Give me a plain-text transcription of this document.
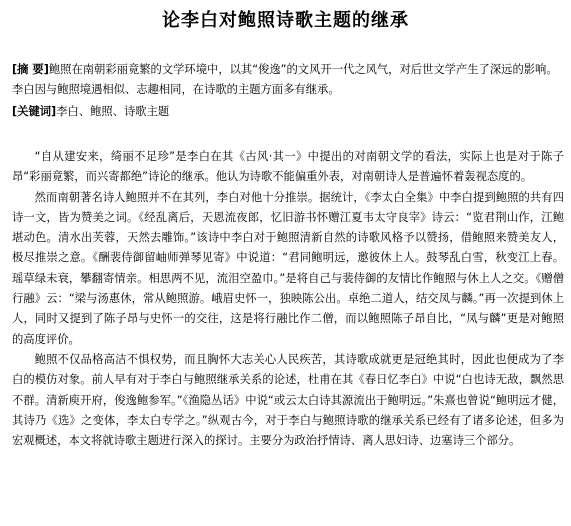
论李白对鲍照诗歌主题的继承
[摘 要]鲍照在南朝彩丽竟繁的文学环境中，以其“俊逸”的文风开一代之风气，对后世文学产生了深远的影响。李白因与鲍照境遇相似、志趣相同，在诗歌的主题方面多有继承。
[关键词]李白、鲍照、诗歌主题

“自从建安来，绮丽不足珍”是李白在其《古风·其一》中提出的对南朝文学的看法，实际上也是对于陈子昂“彩丽竟繁，而兴寄都绝”诗论的继承。他认为诗歌不能偏重外表，对南朝诗人是普遍怀着轰视态度的。

然而南朝著名诗人鲍照并不在其列，李白对他十分推崇。据统计，《李太白全集》中李白提到鲍照的共有四诗一文，皆为赞美之词。《经乱离后，天恩流夜郎，忆旧游书怀赠江夏韦太守良宰》诗云：“览君荆山作，江鲍堪动色。清水出芙蓉，天然去雕饰。”该诗中李白对于鲍照清新自然的诗歌风格予以赞扬，借鲍照来赞美友人，极尽推崇之意。《酬裴侍御留岫师弹琴见寄》中说道：“君同鲍明远，邀彼休上人。鼓琴乱白雪，秋变江上春。瑶草绿未衰，攀翻寄情亲。相思两不见，流泪空盈巾。”是将自己与裴侍御的友情比作鲍照与休上人之交。《赠僧行融》云：“梁与汤惠休，常从鲍照游。峨眉史怀一，独映陈公出。卓绝二道人，结交凤与麟。”再一次提到休上人，同时又提到了陈子昂与史怀一的交往，这是将行融比作二僧，而以鲍照陈子昂自比，“凤与麟”更是对鲍照的高度评价。

鲍照不仅品格高洁不惧权势，而且胸怀大志关心人民疾苦，其诗歌成就更是冠绝其时，因此也便成为了李白的模仿对象。前人早有对于李白与鲍照继承关系的论述，杜甫在其《春日忆李白》中说“白也诗无敌，飘然思不群。清新庾开府，俊逸鲍参军。”《渔隐丛话》中说“或云太白诗其源流出于鲍明远。”朱熹也曾说“鲍明远才健，其诗乃《选》之变体，李太白专学之。”纵观古今，对于李白与鲍照诗歌的继承关系已经有了诸多论述，但多为宏观概述，本文将就诗歌主题进行深入的探讨。主要分为政治抒情诗、离人思妇诗、边塞诗三个部分。
